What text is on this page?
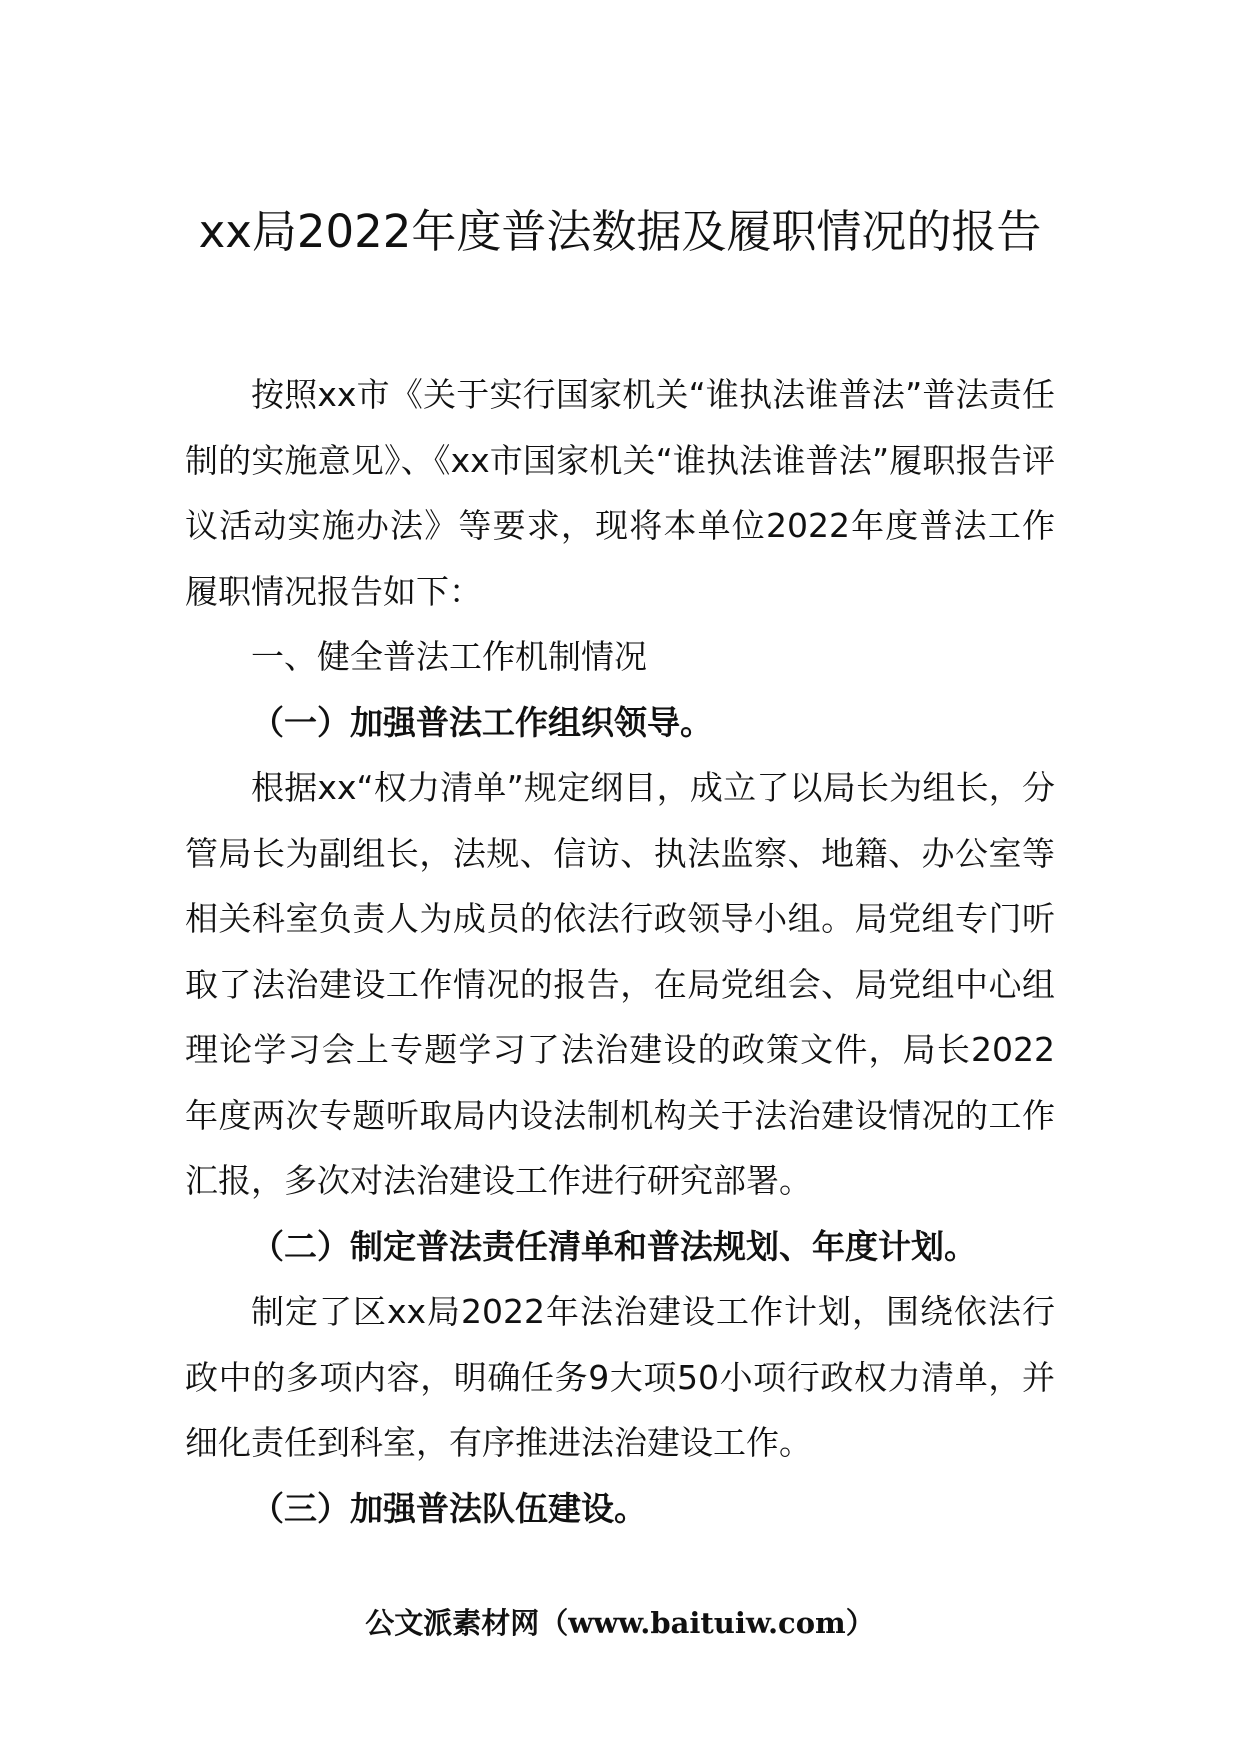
xx局2022年度普法数据及履职情况的报告

按照xx市《关于实行国家机关“谁执法谁普法”普法责任制的实施意见》、《xx市国家机关“谁执法谁普法”履职报告评议活动实施办法》等要求，现将本单位2022年度普法工作履职情况报告如下：

一、健全普法工作机制情况

（一）加强普法工作组织领导。

根据xx“权力清单”规定纲目，成立了以局长为组长，分管局长为副组长，法规、信访、执法监察、地籍、办公室等相关科室负责人为成员的依法行政领导小组。局党组专门听取了法治建设工作情况的报告，在局党组会、局党组中心组理论学习会上专题学习了法治建设的政策文件，局长2022年度两次专题听取局内设法制机构关于法治建设情况的工作汇报，多次对法治建设工作进行研究部署。

（二）制定普法责任清单和普法规划、年度计划。

制定了区xx局2022年法治建设工作计划，围绕依法行政中的多项内容，明确任务9大项50小项行政权力清单，并细化责任到科室，有序推进法治建设工作。

（三）加强普法队伍建设。

公文派素材网（www.baituiw.com）
